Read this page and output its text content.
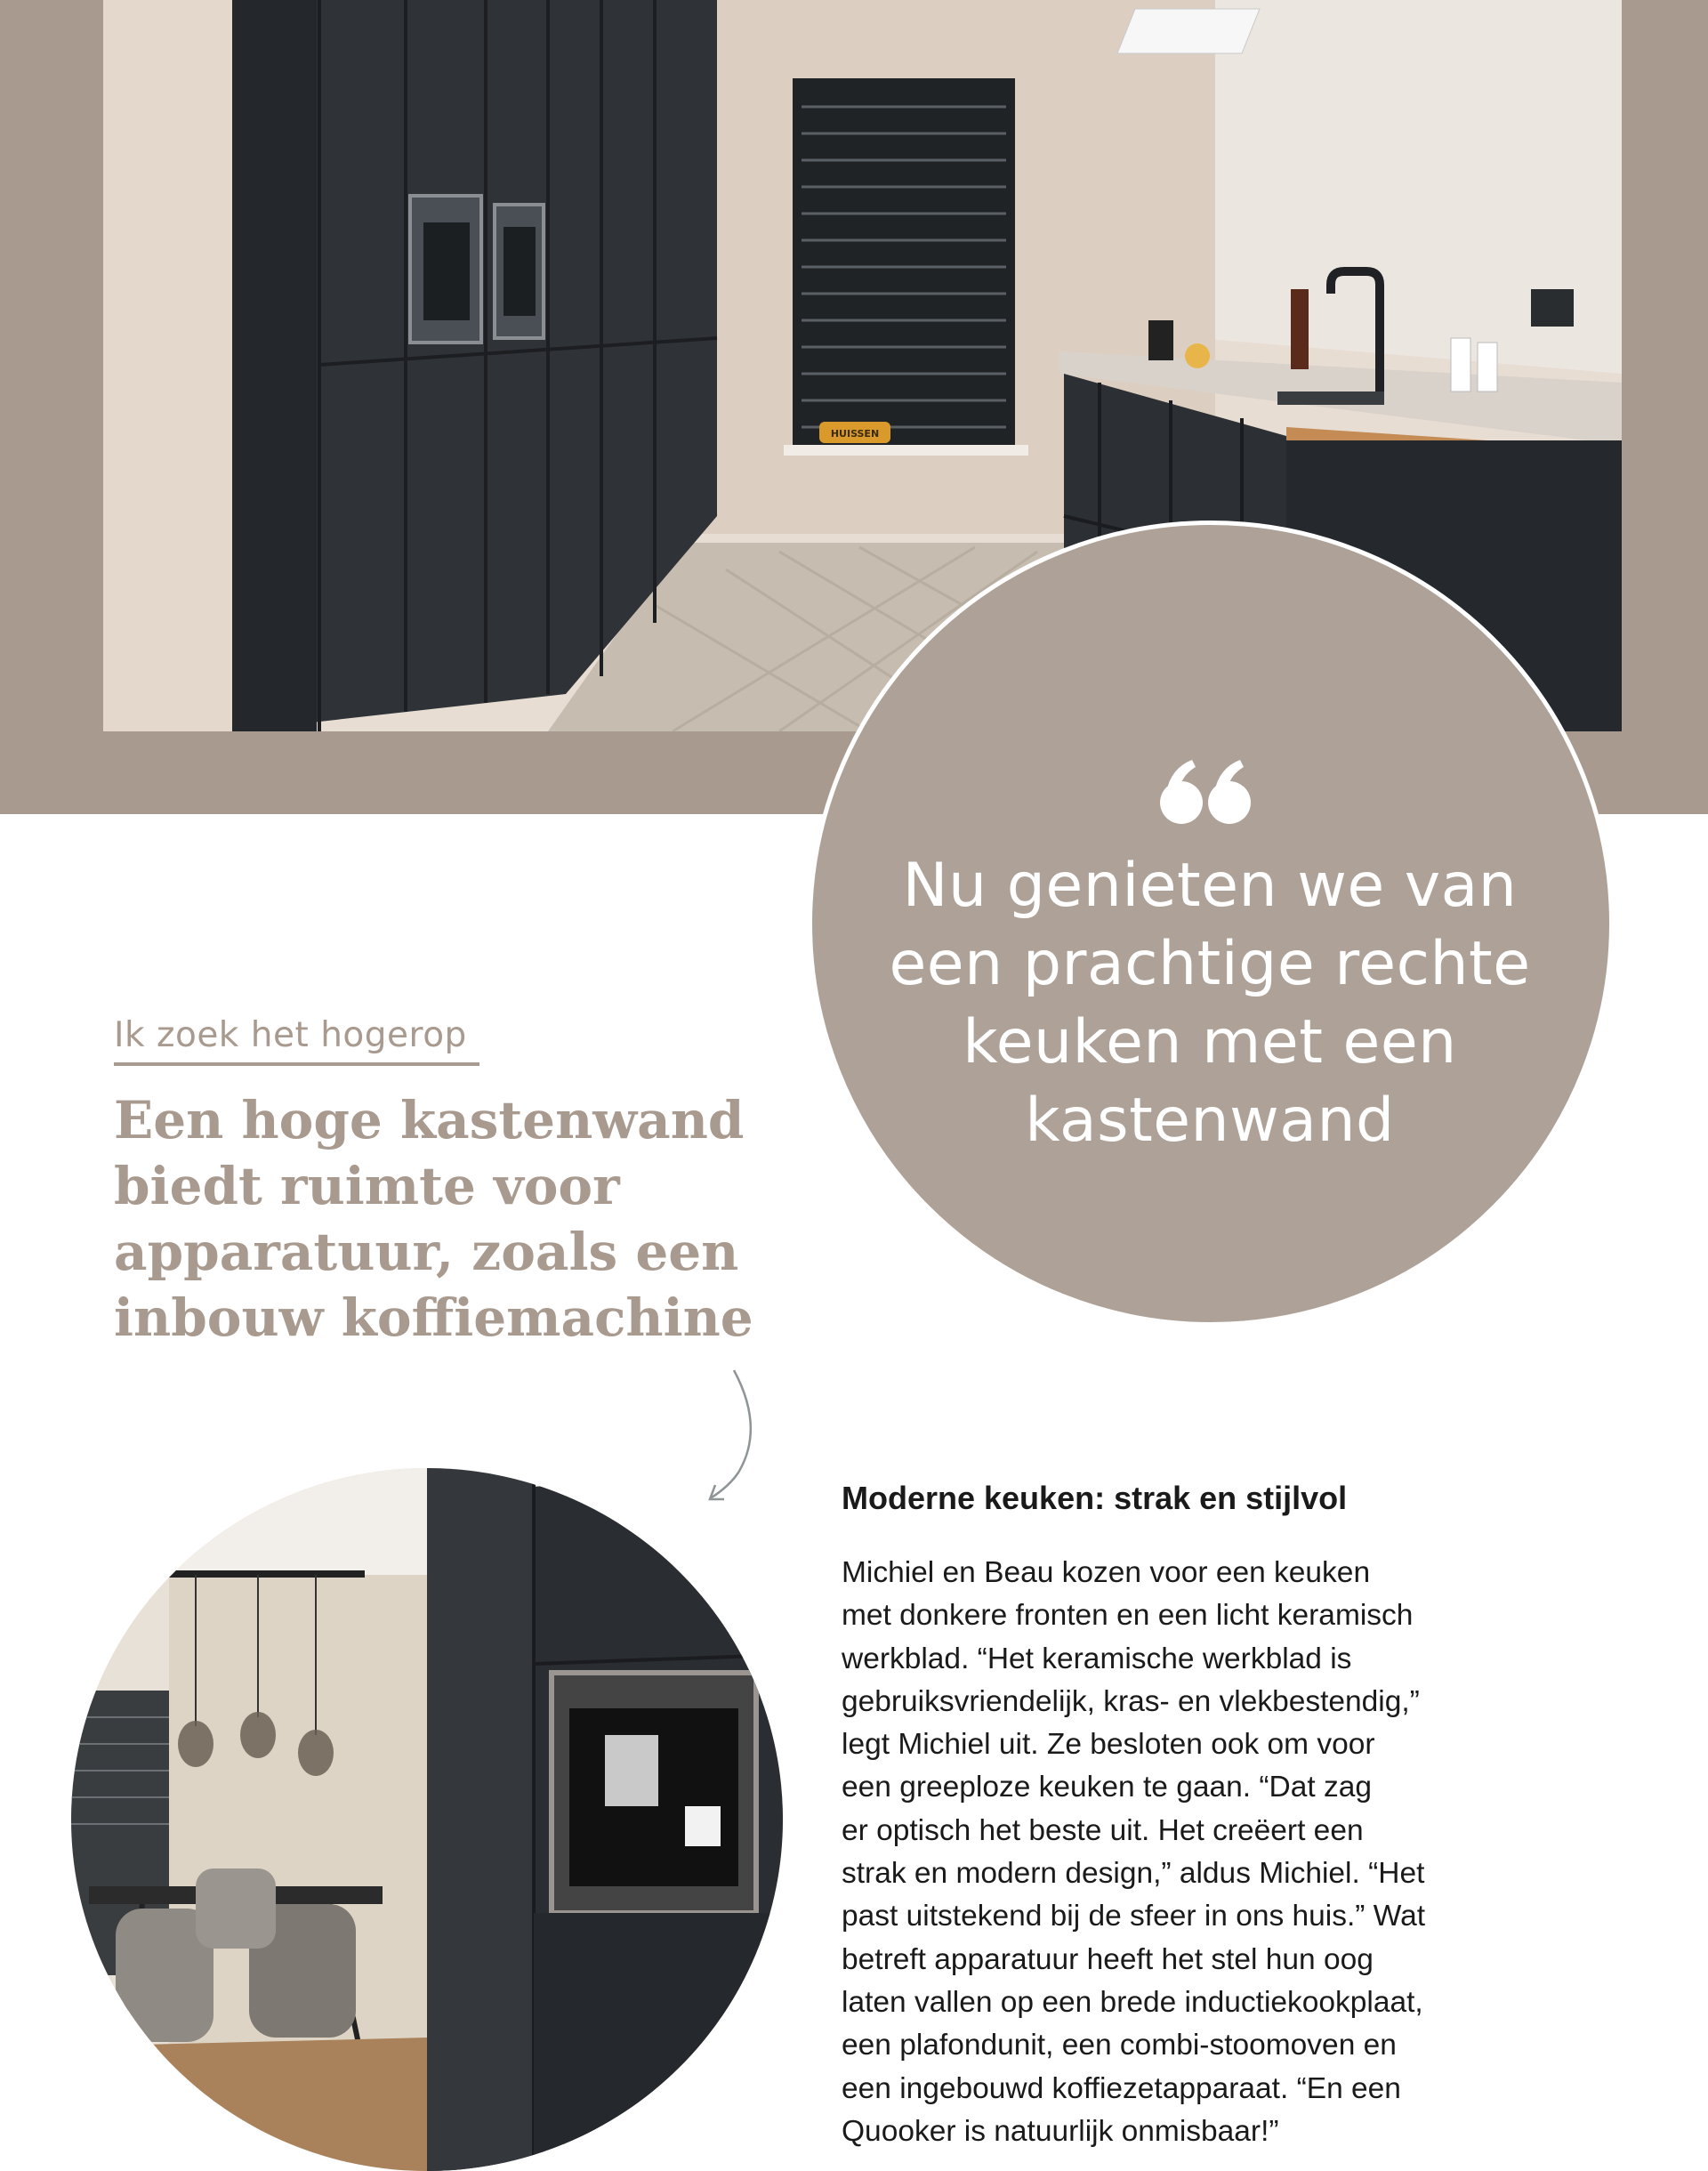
HUISSEN
Nu genieten we van
een prachtige rechte
keuken met een
kastenwand
Ik zoek het hogerop
Een hoge kastenwand
biedt ruimte voor
apparatuur, zoals een
inbouw koffiemachine
Moderne keuken: strak en stijlvol
Michiel en Beau kozen voor een keuken
met donkere fronten en een licht keramisch
werkblad. “Het keramische werkblad is
gebruiksvriendelijk, kras- en vlekbestendig,”
legt Michiel uit. Ze besloten ook om voor
een greeploze keuken te gaan. “Dat zag
er optisch het beste uit. Het creëert een
strak en modern design,” aldus Michiel. “Het
past uitstekend bij de sfeer in ons huis.” Wat
betreft apparatuur heeft het stel hun oog
laten vallen op een brede inductiekookplaat,
een plafondunit, een combi-stoomoven en
een ingebouwd koffiezetapparaat. “En een
Quooker is natuurlijk onmisbaar!”
